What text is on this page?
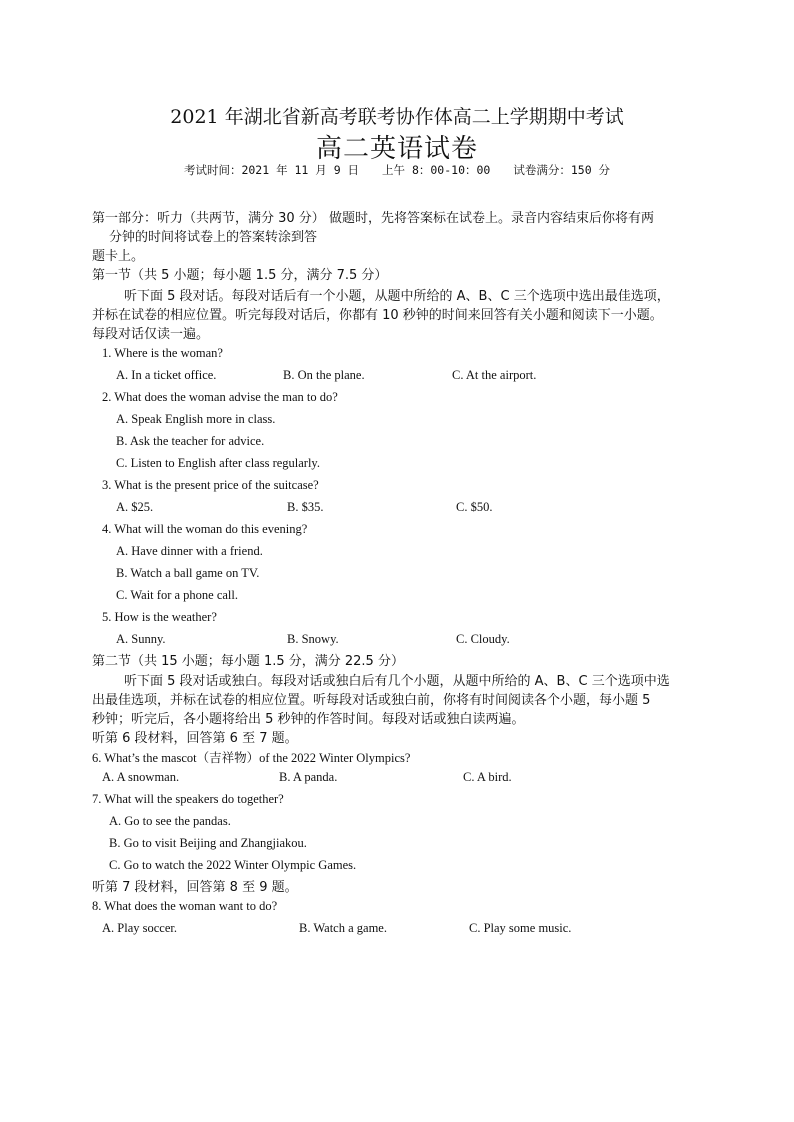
2021 年湖北省新高考联考协作体高二上学期期中考试
高二英语试卷
考试时间：2021 年 11 月 9 日　　上午 8：00-10：00　　试卷满分：150 分
第一部分：听力（共两节，满分 30 分） 做题时，先将答案标在试卷上。录音内容结束后你将有两
分钟的时间将试卷上的答案转涂到答
题卡上。
第一节（共 5 小题；每小题 1.5 分，满分 7.5 分）
听下面 5 段对话。每段对话后有一个小题，从题中所给的 A、B、C 三个选项中选出最佳选项，
并标在试卷的相应位置。听完每段对话后，你都有 10 秒钟的时间来回答有关小题和阅读下一小题。
每段对话仅读一遍。
1. Where is the woman?
A. In a ticket office.	B. On the plane.	C. At the airport.
2. What does the woman advise the man to do?
A. Speak English more in class.
B. Ask the teacher for advice.
C. Listen to English after class regularly.
3. What is the present price of the suitcase?
A. $25.	B. $35.	C. $50.
4. What will the woman do this evening?
A. Have dinner with a friend.
B. Watch a ball game on TV.
C. Wait for a phone call.
5. How is the weather?
A. Sunny.	B. Snowy.	C. Cloudy.
第二节（共 15 小题；每小题 1.5 分，满分 22.5 分）
听下面 5 段对话或独白。每段对话或独白后有几个小题，从题中所给的 A、B、C 三个选项中选
出最佳选项，并标在试卷的相应位置。听每段对话或独白前，你将有时间阅读各个小题，每小题 5
秒钟；听完后，各小题将给出 5 秒钟的作答时间。每段对话或独白读两遍。
听第 6 段材料，回答第 6 至 7 题。
6. What’s the mascot（吉祥物）of the 2022 Winter Olympics?
A. A snowman.	B. A panda.	C. A bird.
7. What will the speakers do together?
A. Go to see the pandas.
B. Go to visit Beijing and Zhangjiakou.
C. Go to watch the 2022 Winter Olympic Games.
听第 7 段材料，回答第 8 至 9 题。
8. What does the woman want to do?
A. Play soccer.	B. Watch a game.	C. Play some music.
